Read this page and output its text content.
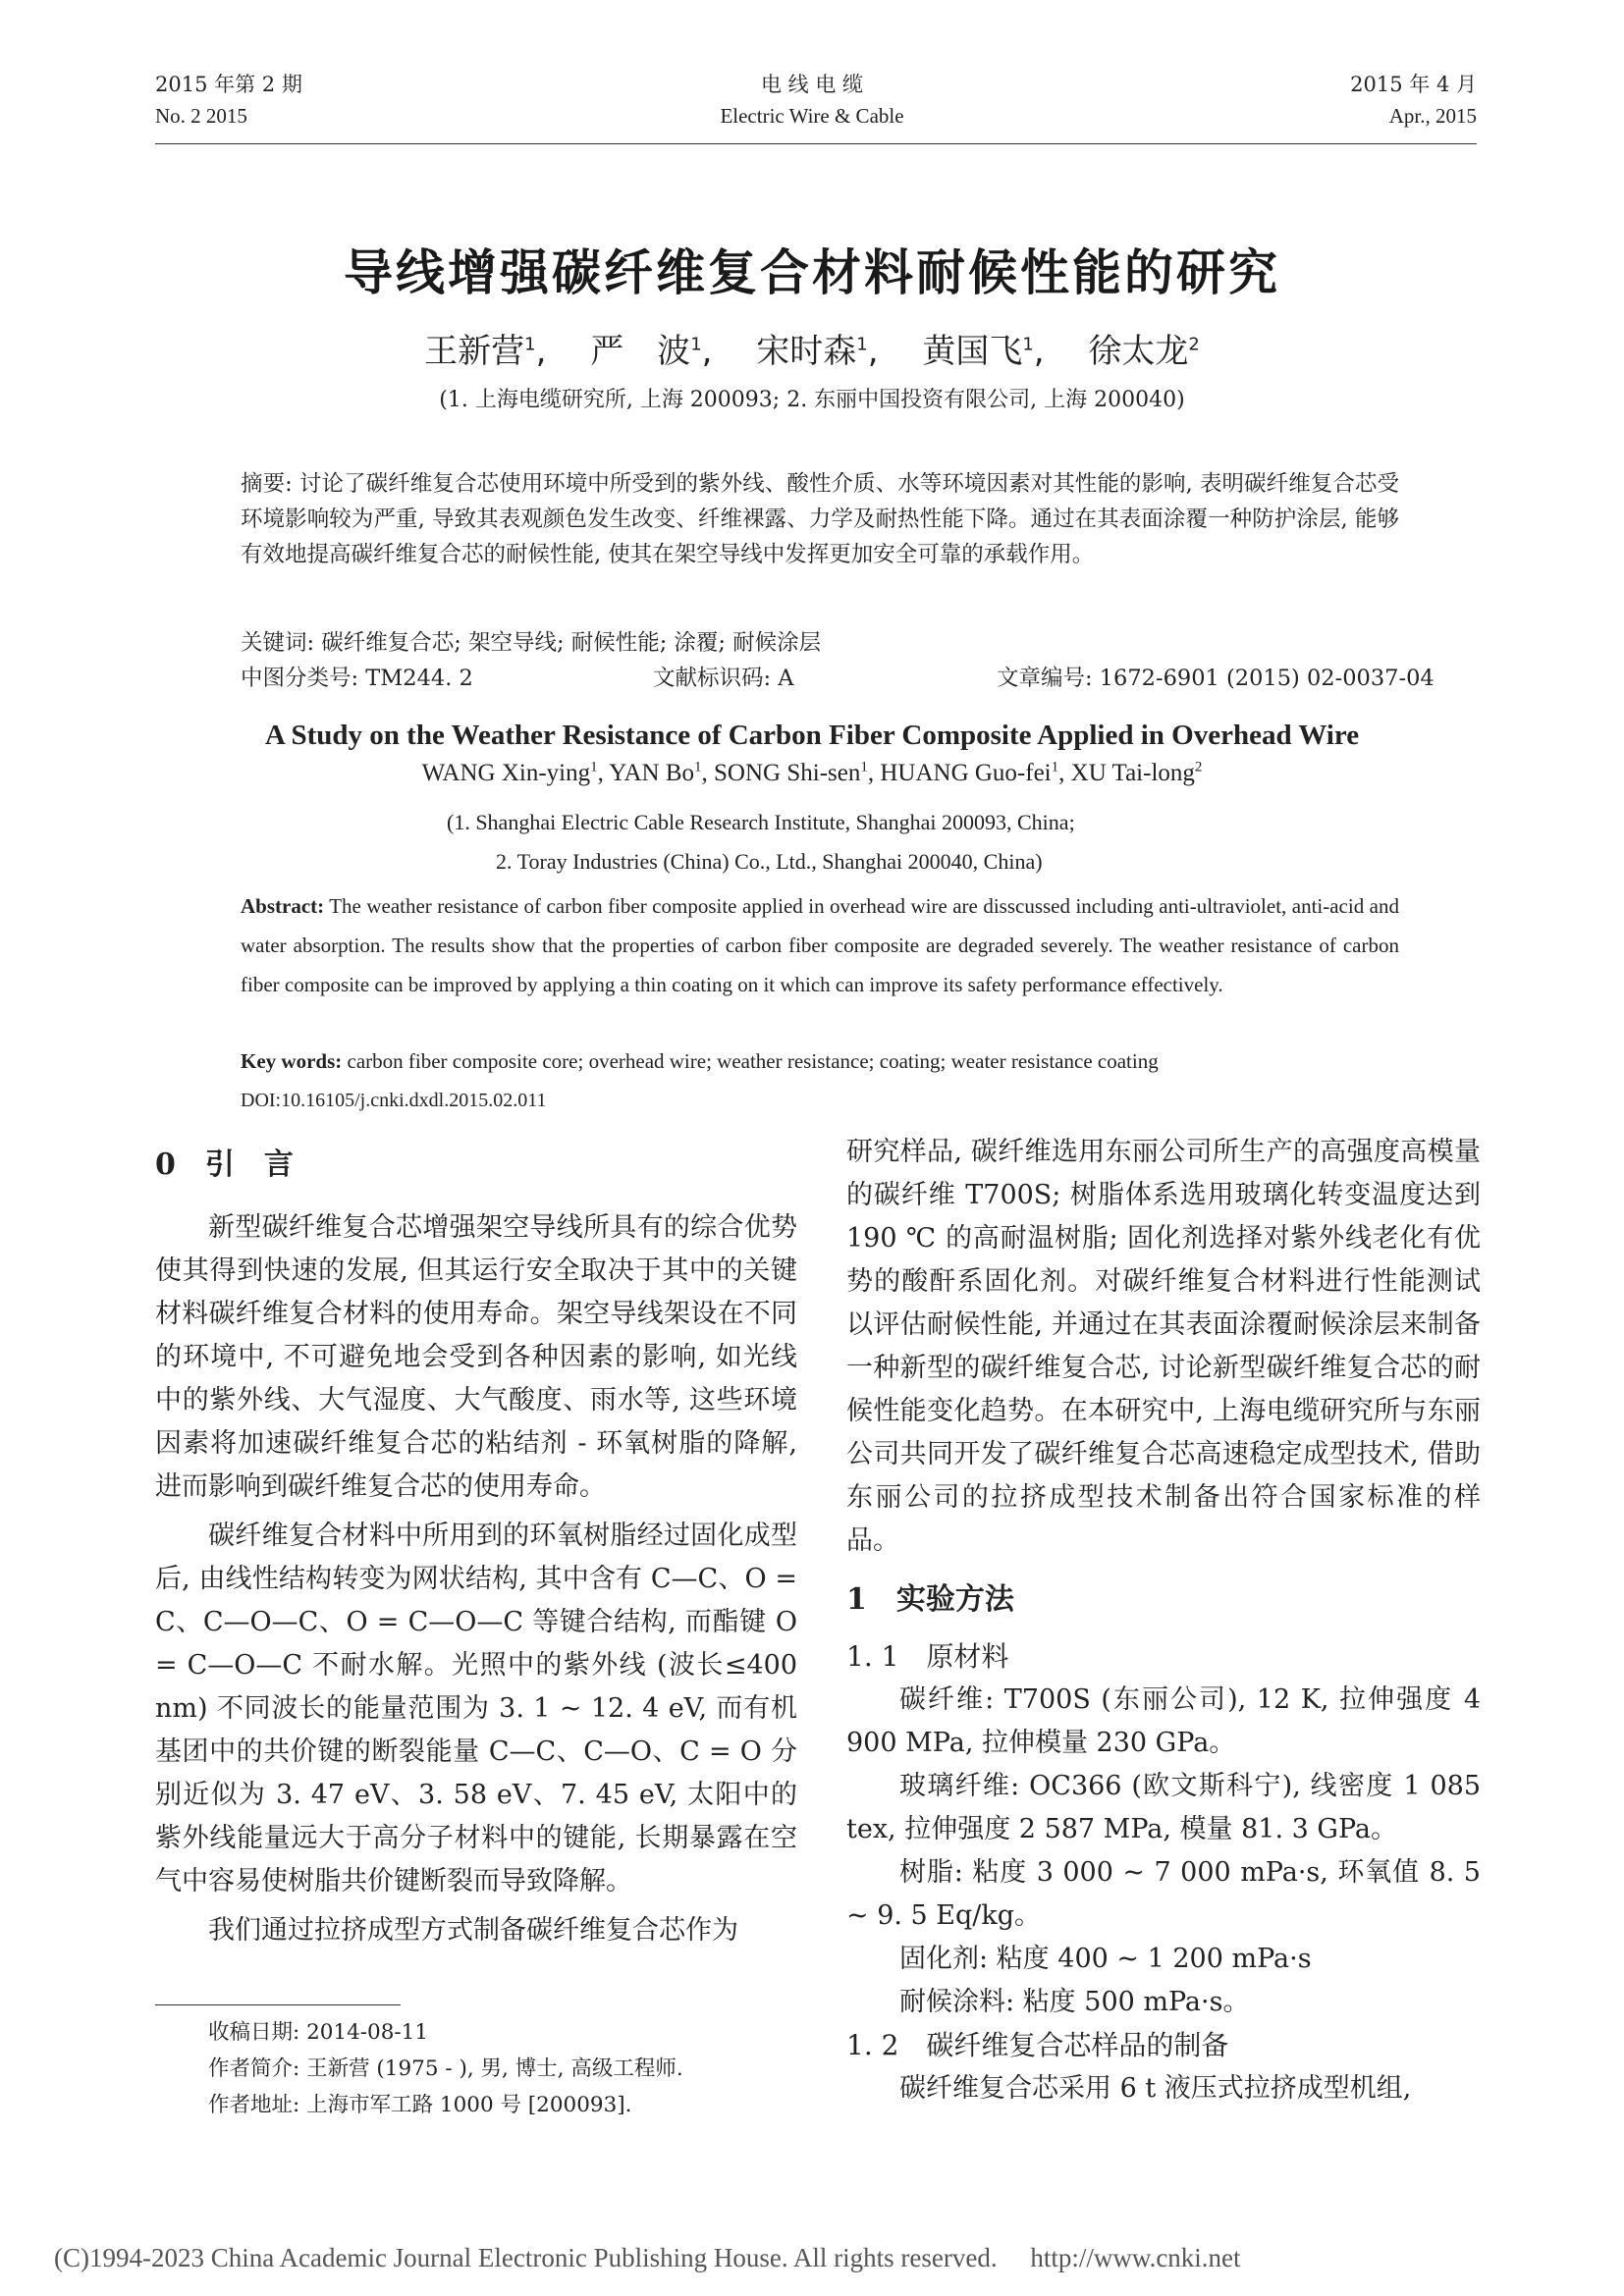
2015 年第 2 期
No. 2 2015
电 线 电 缆
Electric Wire & Cable
2015 年 4 月
Apr., 2015
导线增强碳纤维复合材料耐候性能的研究
王新营$^1$,　 严　波$^1$,　 宋时森$^1$,　 黄国飞$^1$,　 徐太龙$^2$
(1. 上海电缆研究所, 上海 200093; 2. 东丽中国投资有限公司, 上海 200040)
摘要: 讨论了碳纤维复合芯使用环境中所受到的紫外线、酸性介质、水等环境因素对其性能的影响, 表明碳纤维复合芯受环境影响较为严重, 导致其表观颜色发生改变、纤维裸露、力学及耐热性能下降。通过在其表面涂覆一种防护涂层, 能够有效地提高碳纤维复合芯的耐候性能, 使其在架空导线中发挥更加安全可靠的承载作用。
关键词: 碳纤维复合芯; 架空导线; 耐候性能; 涂覆; 耐候涂层
中图分类号: TM244. 2	文献标识码: A	文章编号: 1672-6901 (2015) 02-0037-04
A Study on the Weather Resistance of Carbon Fiber Composite Applied in Overhead Wire
WANG Xin-ying$^1$, YAN Bo$^1$, SONG Shi-sen$^1$, HUANG Guo-fei$^1$, XU Tai-long$^2$
(1. Shanghai Electric Cable Research Institute, Shanghai 200093, China;
2. Toray Industries (China) Co., Ltd., Shanghai 200040, China)
Abstract: The weather resistance of carbon fiber composite applied in overhead wire are disscussed including anti-ultraviolet, anti-acid and water absorption. The results show that the properties of carbon fiber composite are degraded severely. The weather resistance of carbon fiber composite can be improved by applying a thin coating on it which can improve its safety performance effectively.
Key words: carbon fiber composite core; overhead wire; weather resistance; coating; weater resistance coating
DOI:10.16105/j.cnki.dxdl.2015.02.011

0　引　言

新型碳纤维复合芯增强架空导线所具有的综合优势使其得到快速的发展, 但其运行安全取决于其中的关键材料碳纤维复合材料的使用寿命。架空导线架设在不同的环境中, 不可避免地会受到各种因素的影响, 如光线中的紫外线、大气湿度、大气酸度、雨水等, 这些环境因素将加速碳纤维复合芯的粘结剂 - 环氧树脂的降解, 进而影响到碳纤维复合芯的使用寿命。

碳纤维复合材料中所用到的环氧树脂经过固化成型后, 由线性结构转变为网状结构, 其中含有 C—C、O = C、C—O—C、O = C—O—C 等键合结构, 而酯键 O = C—O—C 不耐水解。光照中的紫外线 (波长≤400 nm) 不同波长的能量范围为 3. 1 ~ 12. 4 eV, 而有机基团中的共价键的断裂能量 C—C、C—O、C = O 分别近似为 3. 47 eV、3. 58 eV、7. 45 eV, 太阳中的紫外线能量远大于高分子材料中的键能, 长期暴露在空气中容易使树脂共价键断裂而导致降解。

我们通过拉挤成型方式制备碳纤维复合芯作为

收稿日期: 2014-08-11
作者简介: 王新营 (1975 - ), 男, 博士, 高级工程师.
作者地址: 上海市军工路 1000 号 [200093].

研究样品, 碳纤维选用东丽公司所生产的高强度高模量的碳纤维 T700S; 树脂体系选用玻璃化转变温度达到 190 ℃ 的高耐温树脂; 固化剂选择对紫外线老化有优势的酸酐系固化剂。对碳纤维复合材料进行性能测试以评估耐候性能, 并通过在其表面涂覆耐候涂层来制备一种新型的碳纤维复合芯, 讨论新型碳纤维复合芯的耐候性能变化趋势。在本研究中, 上海电缆研究所与东丽公司共同开发了碳纤维复合芯高速稳定成型技术, 借助东丽公司的拉挤成型技术制备出符合国家标准的样品。

1　实验方法

1. 1　原材料

碳纤维: T700S (东丽公司), 12 K, 拉伸强度 4 900 MPa, 拉伸模量 230 GPa。

玻璃纤维: OC366 (欧文斯科宁), 线密度 1 085 tex, 拉伸强度 2 587 MPa, 模量 81. 3 GPa。

树脂: 粘度 3 000 ~ 7 000 mPa·s, 环氧值 8. 5 ~ 9. 5 Eq/kg。

固化剂: 粘度 400 ~ 1 200 mPa·s

耐候涂料: 粘度 500 mPa·s。

1. 2　碳纤维复合芯样品的制备

碳纤维复合芯采用 6 t 液压式拉挤成型机组,

(C)1994-2023 China Academic Journal Electronic Publishing House. All rights reserved.　 http://www.cnki.net
